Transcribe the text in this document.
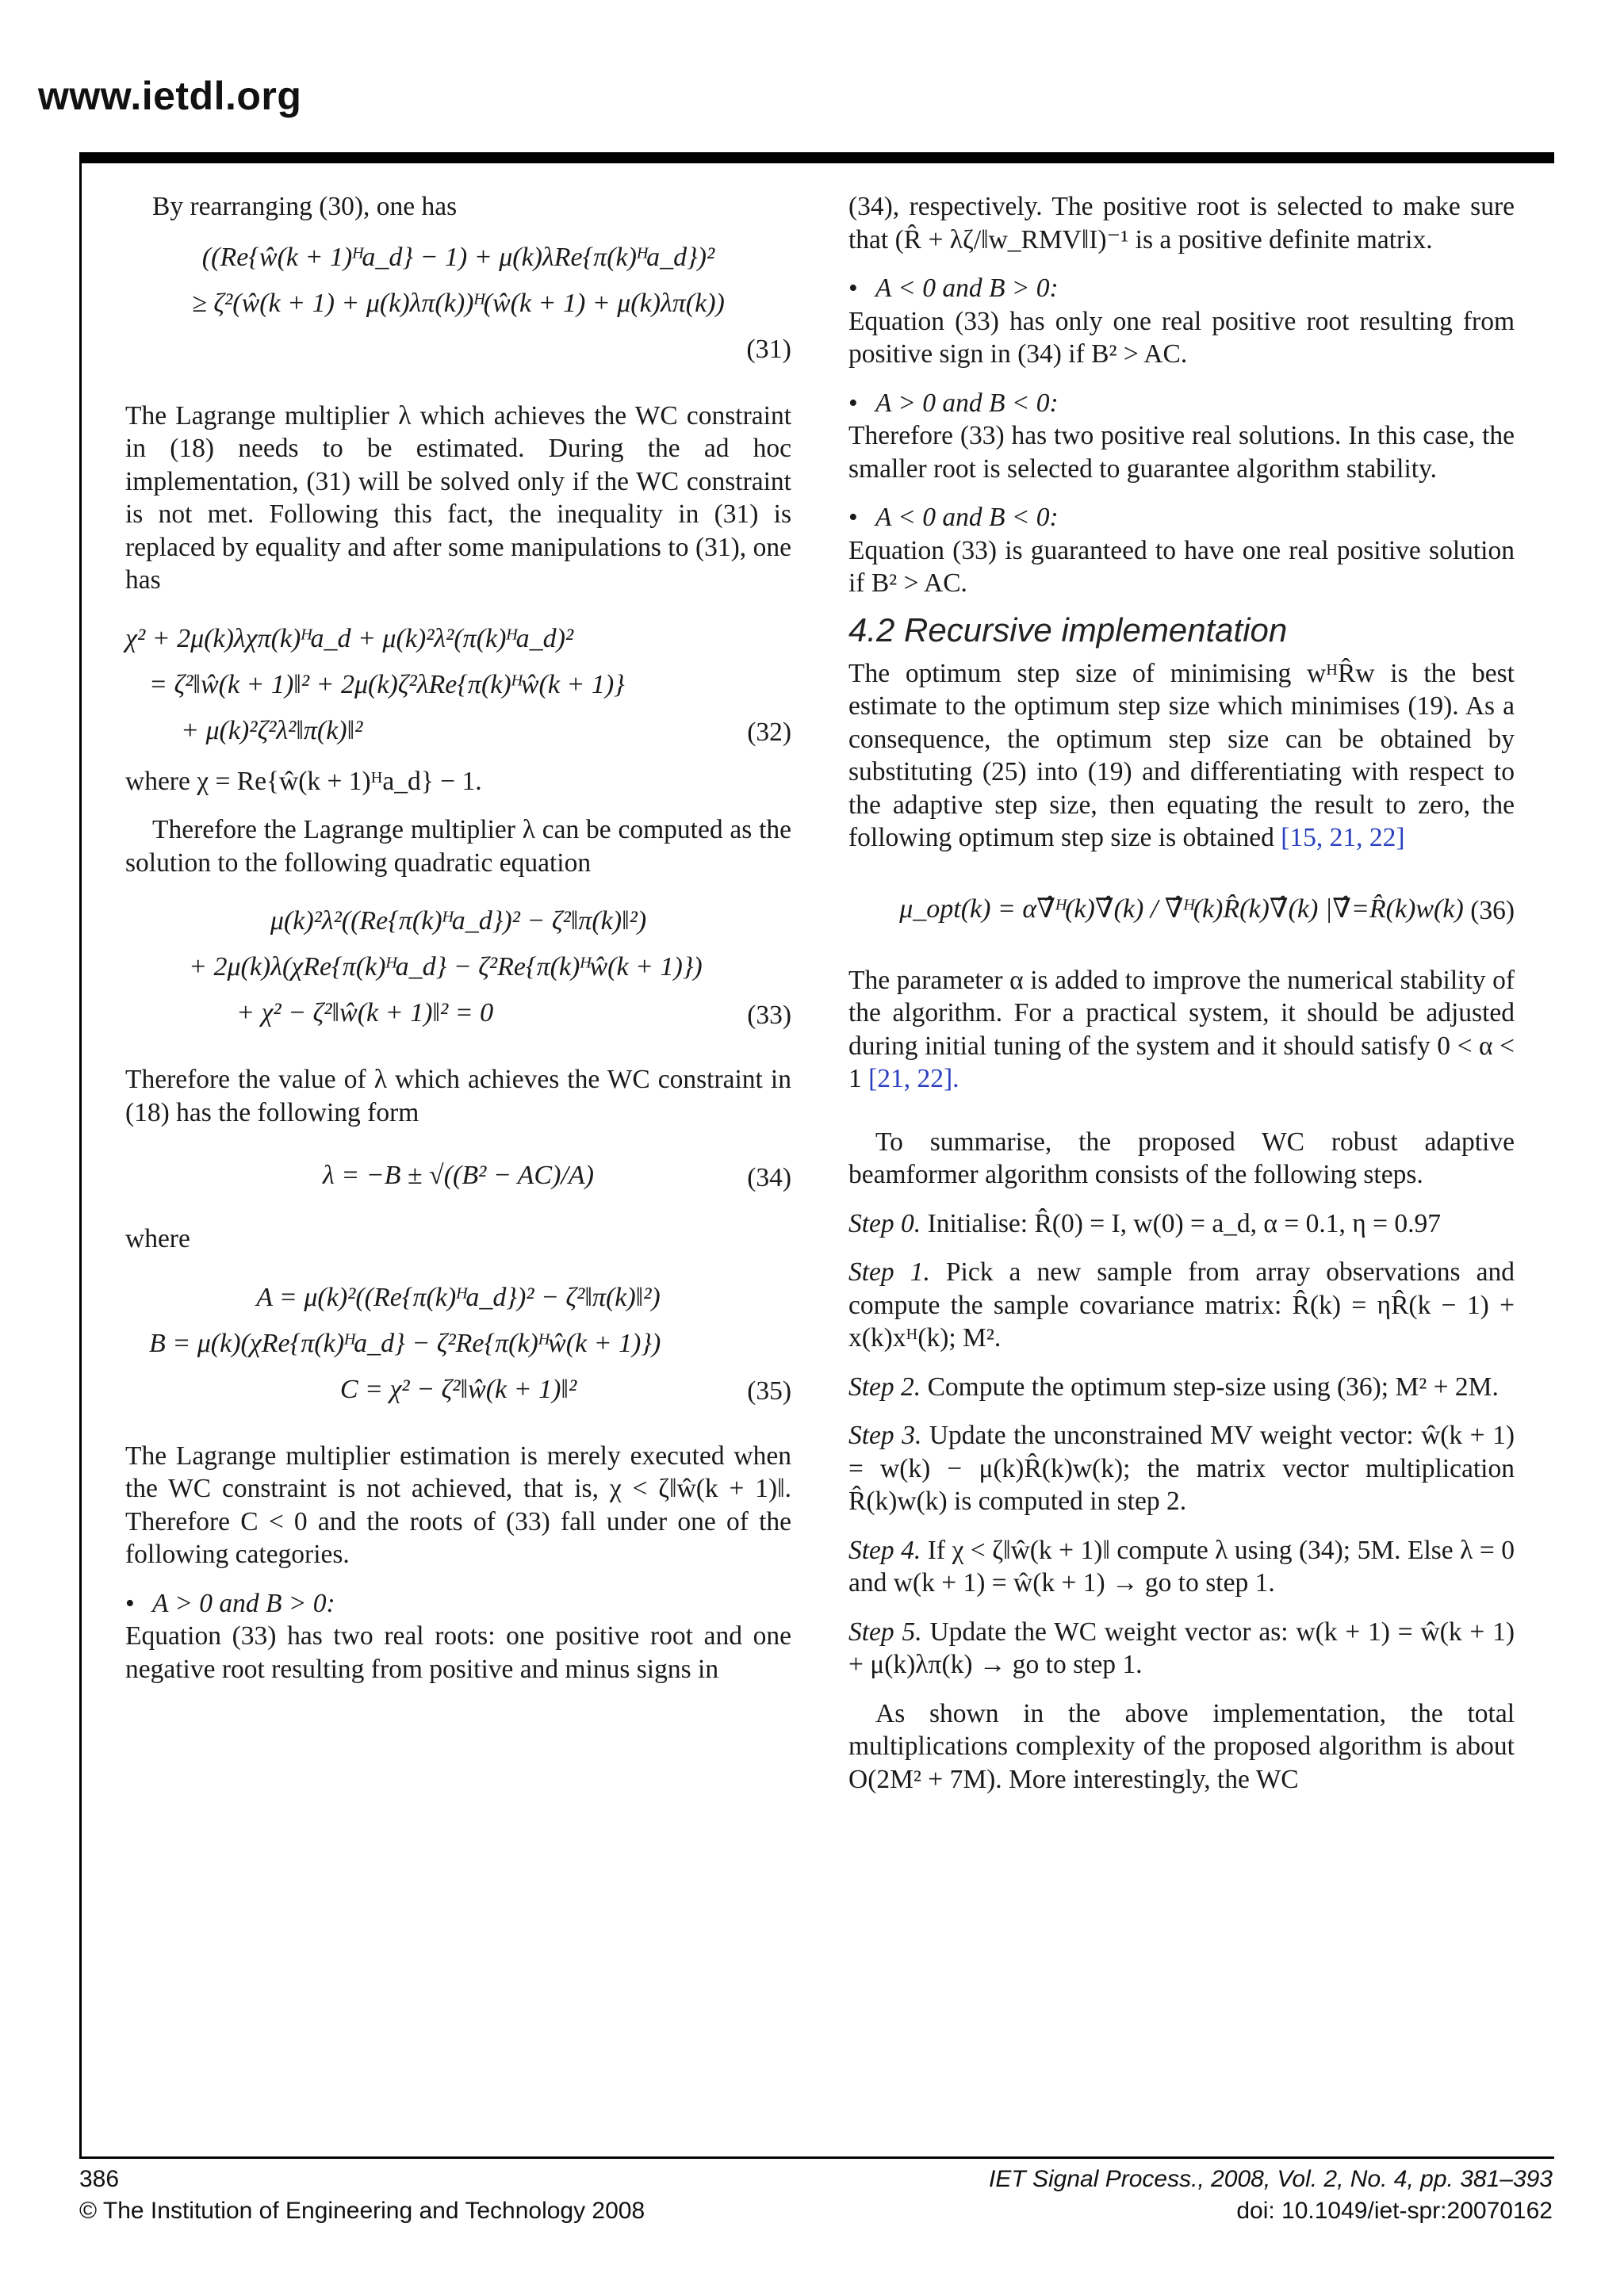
www.ietdl.org

By rearranging (30), one has

((Re{ŵ(k + 1)ᴴa_d} − 1) + μ(k)λRe{π(k)ᴴa_d})²
≥ ζ²(ŵ(k + 1) + μ(k)λπ(k))ᴴ(ŵ(k + 1) + μ(k)λπ(k))
(31)

The Lagrange multiplier λ which achieves the WC constraint in (18) needs to be estimated. During the ad hoc implementation, (31) will be solved only if the WC constraint is not met. Following this fact, the inequality in (31) is replaced by equality and after some manipulations to (31), one has

χ² + 2μ(k)λχπ(k)ᴴa_d + μ(k)²λ²(π(k)ᴴa_d)²
= ζ²‖ŵ(k + 1)‖² + 2μ(k)ζ²λRe{π(k)ᴴŵ(k + 1)}
+ μ(k)²ζ²λ²‖π(k)‖²	(32)

where χ = Re{ŵ(k + 1)ᴴa_d} − 1.

Therefore the Lagrange multiplier λ can be computed as the solution to the following quadratic equation

μ(k)²λ²((Re{π(k)ᴴa_d})² − ζ²‖π(k)‖²)
+ 2μ(k)λ(χRe{π(k)ᴴa_d} − ζ²Re{π(k)ᴴŵ(k + 1)})
+ χ² − ζ²‖ŵ(k + 1)‖² = 0	(33)

Therefore the value of λ which achieves the WC constraint in (18) has the following form

λ = −B ± √((B² − AC)/A)	(34)

where

A = μ(k)²((Re{π(k)ᴴa_d})² − ζ²‖π(k)‖²)
B = μ(k)(χRe{π(k)ᴴa_d} − ζ²Re{π(k)ᴴŵ(k + 1)})
C = χ² − ζ²‖ŵ(k + 1)‖²	(35)

The Lagrange multiplier estimation is merely executed when the WC constraint is not achieved, that is, χ < ζ‖ŵ(k + 1)‖. Therefore C < 0 and the roots of (33) fall under one of the following categories.

• A > 0 and B > 0:

Equation (33) has two real roots: one positive root and one negative root resulting from positive and minus signs in

(34), respectively. The positive root is selected to make sure that (R̂ + λζ/‖w_RMV‖I)⁻¹ is a positive definite matrix.

• A < 0 and B > 0:

Equation (33) has only one real positive root resulting from positive sign in (34) if B² > AC.

• A > 0 and B < 0:

Therefore (33) has two positive real solutions. In this case, the smaller root is selected to guarantee algorithm stability.

• A < 0 and B < 0:

Equation (33) is guaranteed to have one real positive solution if B² > AC.

4.2 Recursive implementation

The optimum step size of minimising wᴴR̂w is the best estimate to the optimum step size which minimises (19). As a consequence, the optimum step size can be obtained by substituting (25) into (19) and differentiating with respect to the adaptive step size, then equating the result to zero, the following optimum step size is obtained [15, 21, 22]

μ_opt(k) = α∇̂ᴴ(k)∇̂(k) / ∇̂ᴴ(k)R̂(k)∇̂(k) |∇̂=R̂(k)w(k) (36)

The parameter α is added to improve the numerical stability of the algorithm. For a practical system, it should be adjusted during initial tuning of the system and it should satisfy 0 < α < 1 [21, 22].

To summarise, the proposed WC robust adaptive beamformer algorithm consists of the following steps.

Step 0. Initialise: R̂(0) = I, w(0) = a_d, α = 0.1, η = 0.97

Step 1. Pick a new sample from array observations and compute the sample covariance matrix: R̂(k) = ηR̂(k − 1) + x(k)xᴴ(k); M².

Step 2. Compute the optimum step-size using (36); M² + 2M.

Step 3. Update the unconstrained MV weight vector: ŵ(k + 1) = w(k) − μ(k)R̂(k)w(k); the matrix vector multiplication R̂(k)w(k) is computed in step 2.

Step 4. If χ < ζ‖ŵ(k + 1)‖ compute λ using (34); 5M. Else λ = 0 and w(k + 1) = ŵ(k + 1) → go to step 1.

Step 5. Update the WC weight vector as: w(k + 1) = ŵ(k + 1) + μ(k)λπ(k) → go to step 1.

As shown in the above implementation, the total multiplications complexity of the proposed algorithm is about O(2M² + 7M). More interestingly, the WC

386
© The Institution of Engineering and Technology 2008
IET Signal Process., 2008, Vol. 2, No. 4, pp. 381–393
doi: 10.1049/iet-spr:20070162
